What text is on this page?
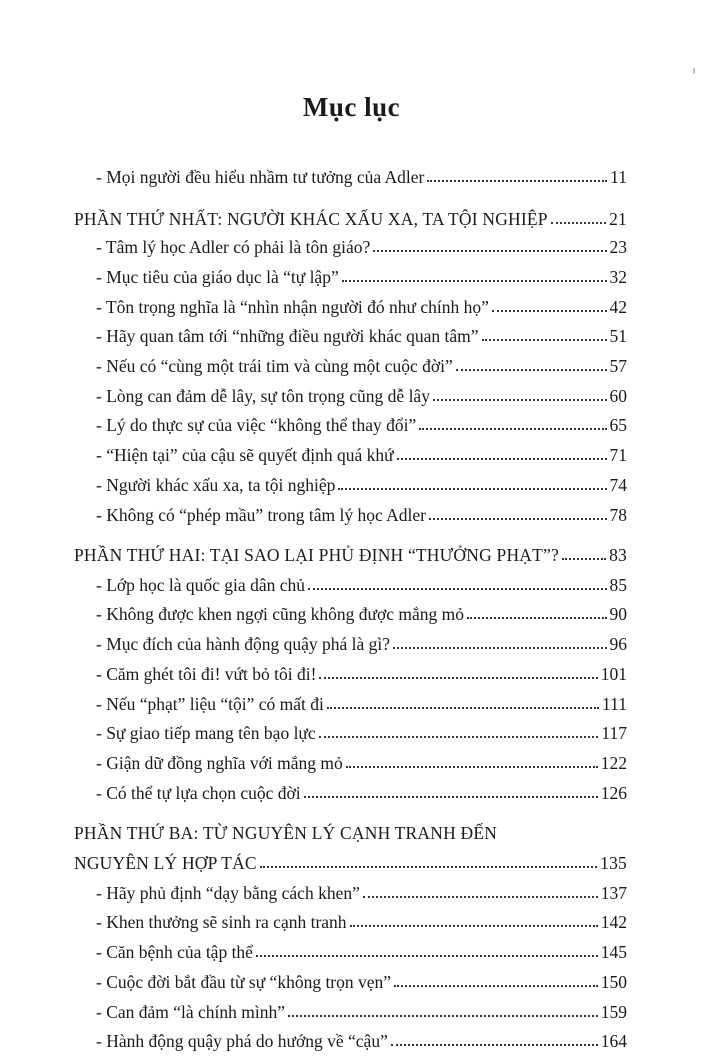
Mục lục
- Mọi người đều hiểu nhầm tư tưởng của Adler	11
PHẦN THỨ NHẤT: NGƯỜI KHÁC XẤU XA, TA TỘI NGHIỆP	21
- Tâm lý học Adler có phải là tôn giáo?	23
- Mục tiêu của giáo dục là “tự lập”	32
- Tôn trọng nghĩa là “nhìn nhận người đó như chính họ”	42
- Hãy quan tâm tới “những điều người khác quan tâm”	51
- Nếu có “cùng một trái tim và cùng một cuộc đời”	57
- Lòng can đảm dễ lây, sự tôn trọng cũng dễ lây	60
- Lý do thực sự của việc “không thể thay đổi”	65
- “Hiện tại” của cậu sẽ quyết định quá khứ	71
- Người khác xấu xa, ta tội nghiệp	74
- Không có “phép mầu” trong tâm lý học Adler	78
PHẦN THỨ HAI: TẠI SAO LẠI PHỦ ĐỊNH “THƯỞNG PHẠT”?	83
- Lớp học là quốc gia dân chủ	85
- Không được khen ngợi cũng không được mắng mỏ	90
- Mục đích của hành động quậy phá là gì?	96
- Căm ghét tôi đi! vứt bỏ tôi đi!	101
- Nếu “phạt” liệu “tội” có mất đi	111
- Sự giao tiếp mang tên bạo lực	117
- Giận dữ đồng nghĩa với mắng mỏ	122
- Có thể tự lựa chọn cuộc đời	126
PHẦN THỨ BA: TỪ NGUYÊN LÝ CẠNH TRANH ĐẾN
NGUYÊN LÝ HỢP TÁC	135
- Hãy phủ định “dạy bằng cách khen”	137
- Khen thưởng sẽ sinh ra cạnh tranh	142
- Căn bệnh của tập thể	145
- Cuộc đời bắt đầu từ sự “không trọn vẹn”	150
- Can đảm “là chính mình”	159
- Hành động quậy phá do hướng về “cậu”	164
